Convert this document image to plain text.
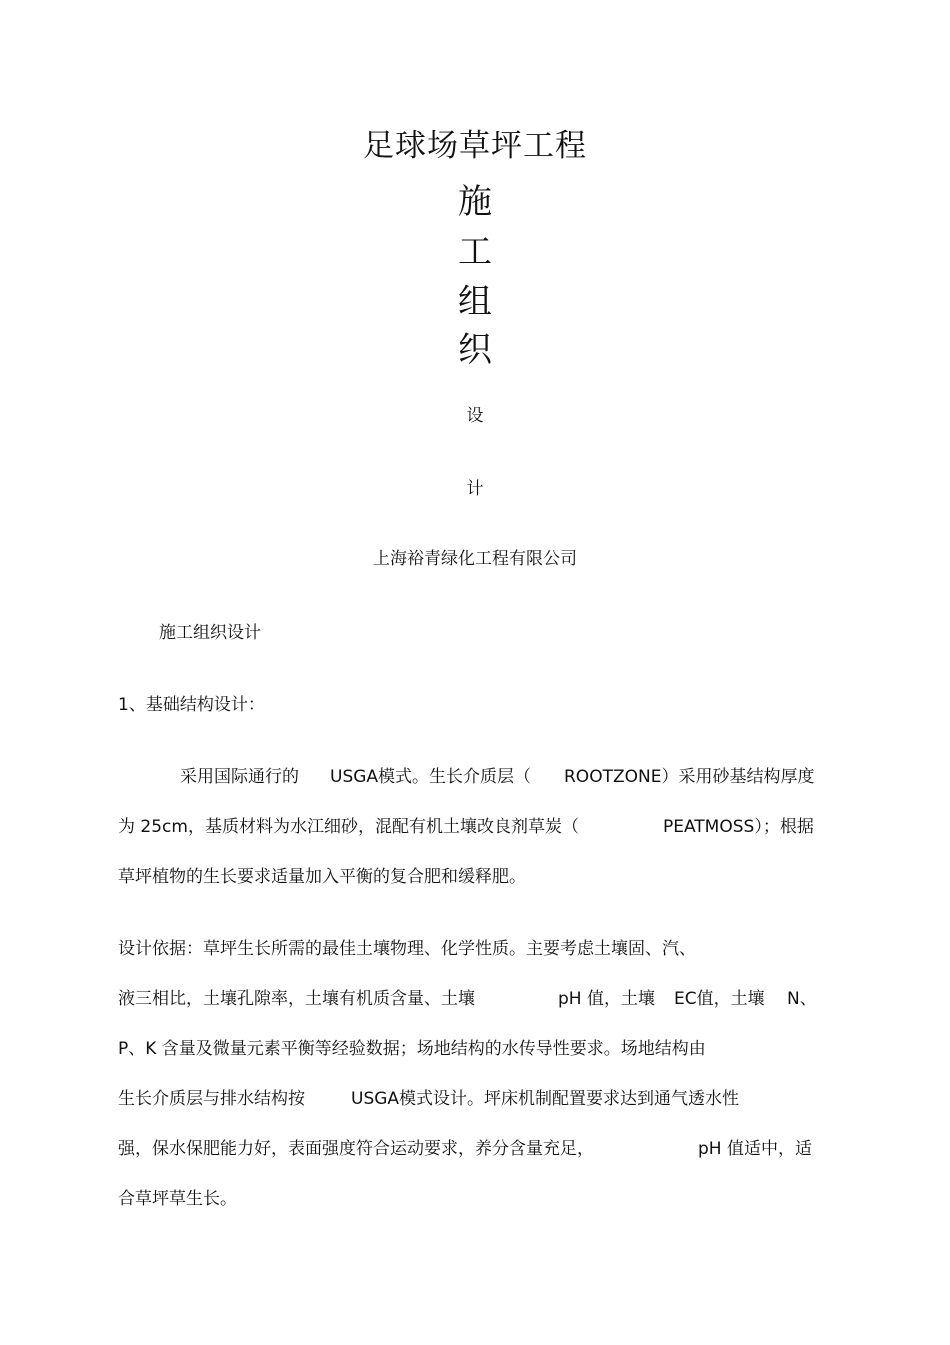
足球场草坪工程
施
工
组
织
设
计
上海裕青绿化工程有限公司
施工组织设计
1、基础结构设计：
采用国际通行的 USGA模式。生长介质层（ ROOTZONE）采用砂基结构厚度
为 25cm，基质材料为水江细砂，混配有机土壤改良剂草炭（	PEATMOSS）；根据
草坪植物的生长要求适量加入平衡的复合肥和缓释肥。
设计依据：草坪生长所需的最佳土壤物理、化学性质。主要考虑土壤固、汽、
液三相比，土壤孔隙率，土壤有机质含量、土壤	pH 值，土壤 EC值，土壤 N、
P、K 含量及微量元素平衡等经验数据；场地结构的水传导性要求。场地结构由
生长介质层与排水结构按	USGA模式设计。坪床机制配置要求达到通气透水性
强，保水保肥能力好，表面强度符合运动要求，养分含量充足，	pH 值适中，适
合草坪草生长。
